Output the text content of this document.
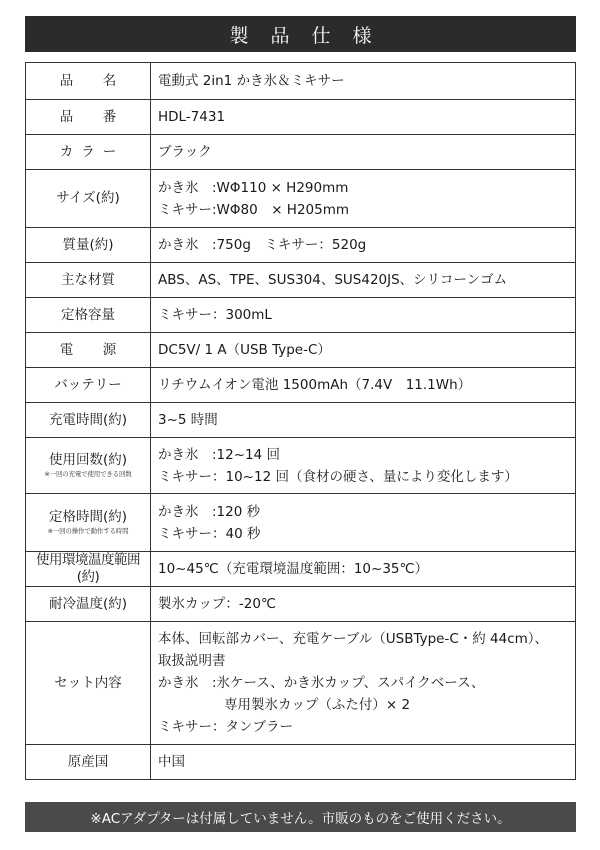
製品仕様
品　名	電動式 2in1 かき氷＆ミキサー

品　番	HDL-7431

カラー	ブラック

サイズ(約)	かき氷　:WΦ110 × H290mm
ミキサー:WΦ80　× H205mm

質量(約)	かき氷　:750g　ミキサー：520g

主な材質	ABS、AS、TPE、SUS304、SUS420JS、シリコーンゴム

定格容量	ミキサー：300mL

電　源	DC5V/ 1 A（USB Type-C）

バッテリー	リチウムイオン電池 1500mAh（7.4V　11.1Wh）

充電時間(約)	3~5 時間

使用回数(約)
※一回の充電で使用できる回数	かき氷　:12~14 回
ミキサー：10~12 回（食材の硬さ、量により変化します）

定格時間(約)
※一回の操作で動作する時間	かき氷　:120 秒
ミキサー：40 秒

使用環境温度範囲(約)	10~45℃（充電環境温度範囲：10~35℃）

耐冷温度(約)	製氷カップ：-20℃

セット内容	本体、回転部カバー、充電ケーブル（USBType-C・約 44cm）、
取扱説明書
かき氷　:氷ケース、かき氷カップ、スパイクベース、
専用製氷カップ（ふた付）× 2
ミキサー：タンブラー

原産国	中国
※ACアダプターは付属していません。市販のものをご使用ください。
